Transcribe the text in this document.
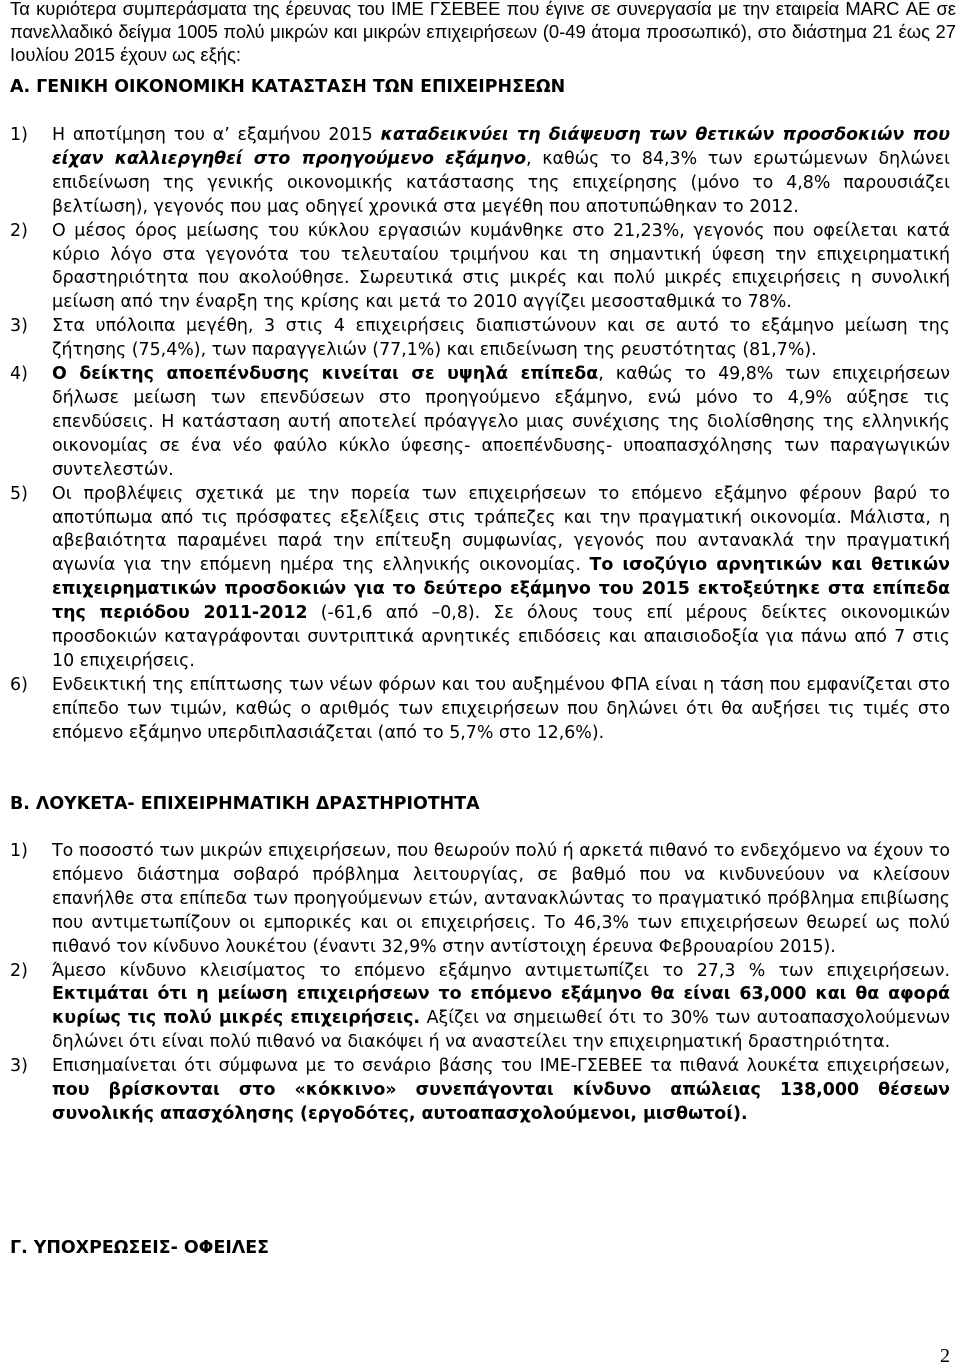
Τα κυριότερα συμπεράσματα της έρευνας του ΙΜΕ ΓΣΕΒΕΕ που έγινε σε συνεργασία με την εταιρεία MARC ΑΕ σε πανελλαδικό δείγμα 1005 πολύ μικρών και μικρών επιχειρήσεων (0-49 άτομα προσωπικό), στο διάστημα 21 έως 27 Ιουλίου 2015 έχουν ως εξής:
Α. ΓΕΝΙΚΗ ΟΙΚΟΝΟΜΙΚΗ ΚΑΤΑΣΤΑΣΗ ΤΩΝ ΕΠΙΧΕΙΡΗΣΕΩΝ

1)	Η αποτίμηση του α’ εξαμήνου 2015 καταδεικνύει τη διάψευση των θετικών προσδοκιών που είχαν καλλιεργηθεί στο προηγούμενο εξάμηνο, καθώς το 84,3% των ερωτώμενων δηλώνει επιδείνωση της γενικής οικονομικής κατάστασης της επιχείρησης (μόνο το 4,8% παρουσιάζει βελτίωση), γεγονός που μας οδηγεί χρονικά στα μεγέθη που αποτυπώθηκαν το 2012.

2)	Ο μέσος όρος μείωσης του κύκλου εργασιών κυμάνθηκε στο 21,23%, γεγονός που οφείλεται κατά κύριο λόγο στα γεγονότα του τελευταίου τριμήνου και τη σημαντική ύφεση την επιχειρηματική δραστηριότητα που ακολούθησε. Σωρευτικά στις μικρές και πολύ μικρές επιχειρήσεις η συνολική μείωση από την έναρξη της κρίσης και μετά το 2010 αγγίζει μεσοσταθμικά το 78%.

3)	Στα υπόλοιπα μεγέθη, 3 στις 4 επιχειρήσεις διαπιστώνουν και σε αυτό το εξάμηνο μείωση της ζήτησης (75,4%), των παραγγελιών (77,1%) και επιδείνωση της ρευστότητας (81,7%).

4)	Ο δείκτης αποεπένδυσης κινείται σε υψηλά επίπεδα, καθώς το 49,8% των επιχειρήσεων δήλωσε μείωση των επενδύσεων στο προηγούμενο εξάμηνο, ενώ μόνο το 4,9% αύξησε τις επενδύσεις. Η κατάσταση αυτή αποτελεί πρόαγγελο μιας συνέχισης της διολίσθησης της ελληνικής οικονομίας σε ένα νέο φαύλο κύκλο ύφεσης- αποεπένδυσης- υποαπασχόλησης των παραγωγικών συντελεστών.

5)	Οι προβλέψεις σχετικά με την πορεία των επιχειρήσεων το επόμενο εξάμηνο φέρουν βαρύ το αποτύπωμα από τις πρόσφατες εξελίξεις στις τράπεζες και την πραγματική οικονομία. Μάλιστα, η αβεβαιότητα παραμένει παρά την επίτευξη συμφωνίας, γεγονός που αντανακλά την πραγματική αγωνία για την επόμενη ημέρα της ελληνικής οικονομίας. Το ισοζύγιο αρνητικών και θετικών επιχειρηματικών προσδοκιών για το δεύτερο εξάμηνο του 2015 εκτοξεύτηκε στα επίπεδα της περιόδου 2011-2012 (-61,6 από –0,8). Σε όλους τους επί μέρους δείκτες οικονομικών προσδοκιών καταγράφονται συντριπτικά αρνητικές επιδόσεις και απαισιοδοξία για πάνω από 7 στις 10 επιχειρήσεις.

6)	Ενδεικτική της επίπτωσης των νέων φόρων και του αυξημένου ΦΠΑ είναι η τάση που εμφανίζεται στο επίπεδο των τιμών, καθώς ο αριθμός των επιχειρήσεων που δηλώνει ότι θα αυξήσει τις τιμές στο επόμενο εξάμηνο υπερδιπλασιάζεται (από το 5,7% στο 12,6%).

Β. ΛΟΥΚΕΤΑ- ΕΠΙΧΕΙΡΗΜΑΤΙΚΗ ΔΡΑΣΤΗΡΙΟΤΗΤΑ

1)	Το ποσοστό των μικρών επιχειρήσεων, που θεωρούν πολύ ή αρκετά πιθανό το ενδεχόμενο να έχουν το επόμενο διάστημα σοβαρό πρόβλημα λειτουργίας, σε βαθμό που να κινδυνεύουν να κλείσουν επανήλθε στα επίπεδα των προηγούμενων ετών, αντανακλώντας το πραγματικό πρόβλημα επιβίωσης που αντιμετωπίζουν οι εμπορικές και οι επιχειρήσεις. Το 46,3% των επιχειρήσεων θεωρεί ως πολύ πιθανό τον κίνδυνο λουκέτου (έναντι 32,9% στην αντίστοιχη έρευνα Φεβρουαρίου 2015).

2)	Άμεσο κίνδυνο κλεισίματος το επόμενο εξάμηνο αντιμετωπίζει το 27,3 % των επιχειρήσεων. Εκτιμάται ότι η μείωση επιχειρήσεων το επόμενο εξάμηνο θα είναι 63,000 και θα αφορά κυρίως τις πολύ μικρές επιχειρήσεις. Αξίζει να σημειωθεί ότι το 30% των αυτοαπασχολούμενων δηλώνει ότι είναι πολύ πιθανό να διακόψει ή να αναστείλει την επιχειρηματική δραστηριότητα.

3)	Επισημαίνεται ότι σύμφωνα με το σενάριο βάσης του ΙΜΕ-ΓΣΕΒΕΕ τα πιθανά λουκέτα επιχειρήσεων, που βρίσκονται στο «κόκκινο» συνεπάγονται κίνδυνο απώλειας 138,000 θέσεων συνολικής απασχόλησης (εργοδότες, αυτοαπασχολούμενοι, μισθωτοί).

Γ. ΥΠΟΧΡΕΩΣΕΙΣ- ΟΦΕΙΛΕΣ
2
